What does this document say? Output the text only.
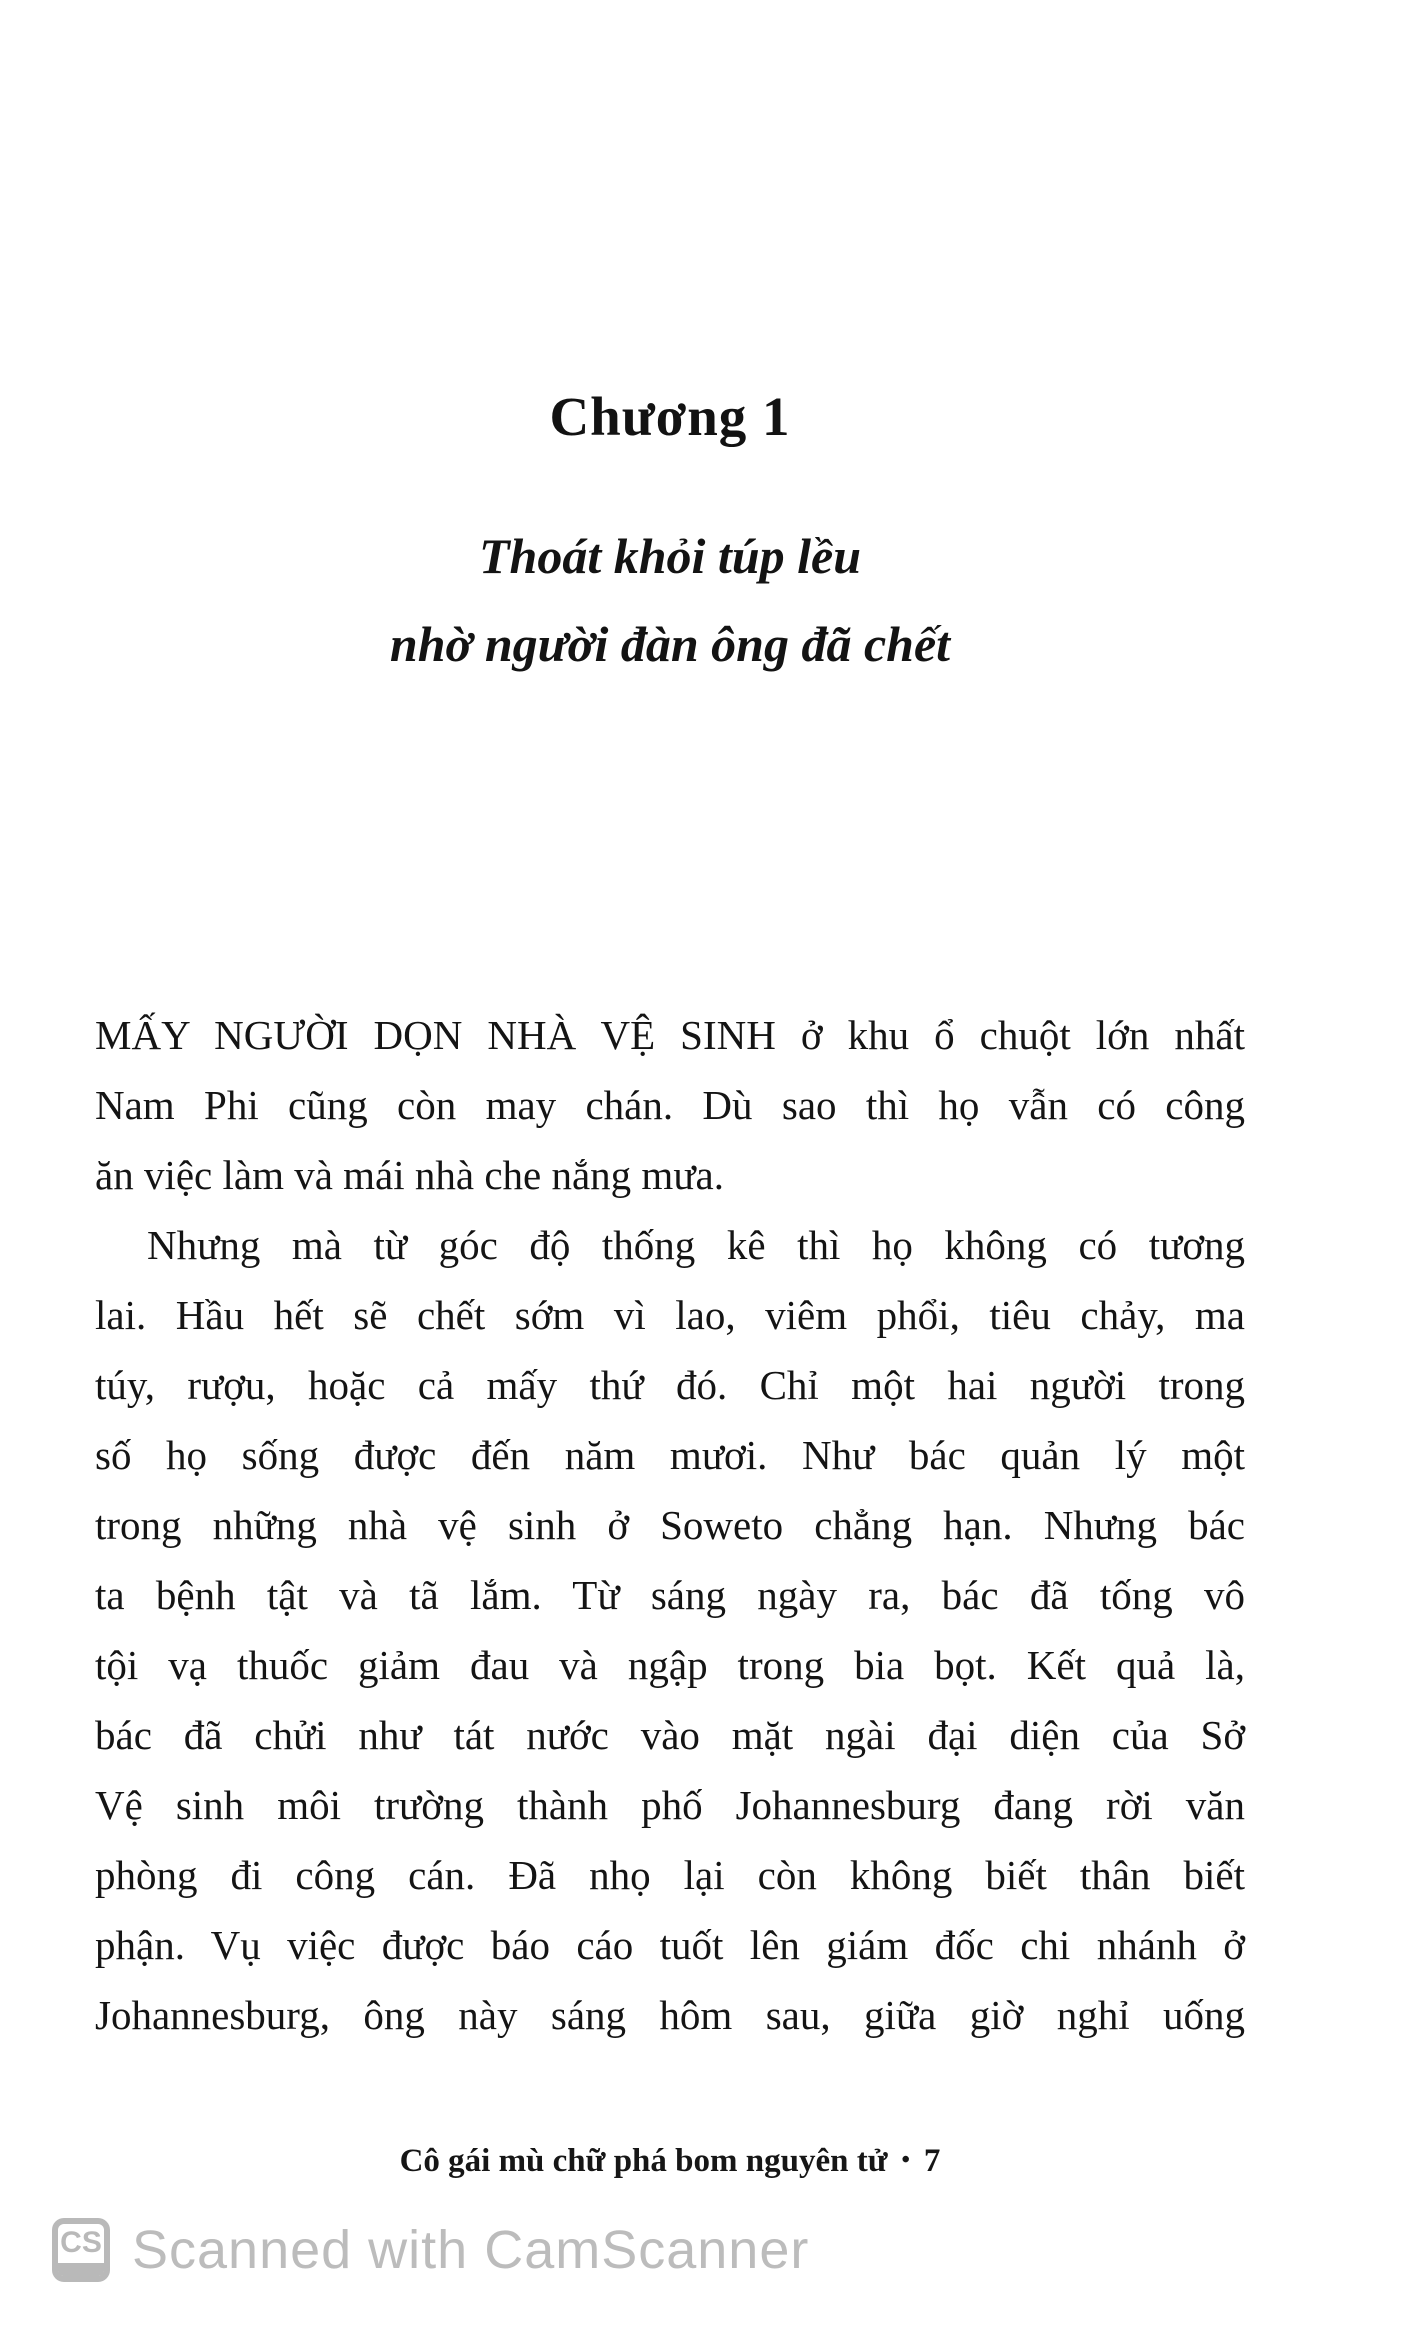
Chương 1
Thoát khỏi túp lều
nhờ người đàn ông đã chết
MẤY NGƯỜI DỌN NHÀ VỆ SINH ở khu ổ chuột lớn nhất
Nam Phi cũng còn may chán. Dù sao thì họ vẫn có công
ăn việc làm và mái nhà che nắng mưa.
Nhưng mà từ góc độ thống kê thì họ không có tương
lai. Hầu hết sẽ chết sớm vì lao, viêm phổi, tiêu chảy, ma
túy, rượu, hoặc cả mấy thứ đó. Chỉ một hai người trong
số họ sống được đến năm mươi. Như bác quản lý một
trong những nhà vệ sinh ở Soweto chẳng hạn. Nhưng bác
ta bệnh tật và tã lắm. Từ sáng ngày ra, bác đã tống vô
tội vạ thuốc giảm đau và ngập trong bia bọt. Kết quả là,
bác đã chửi như tát nước vào mặt ngài đại diện của Sở
Vệ sinh môi trường thành phố Johannesburg đang rời văn
phòng đi công cán. Đã nhọ lại còn không biết thân biết
phận. Vụ việc được báo cáo tuốt lên giám đốc chi nhánh ở
Johannesburg, ông này sáng hôm sau, giữa giờ nghỉ uống
Cô gái mù chữ phá bom nguyên tử • 7
CS Scanned with CamScanner
